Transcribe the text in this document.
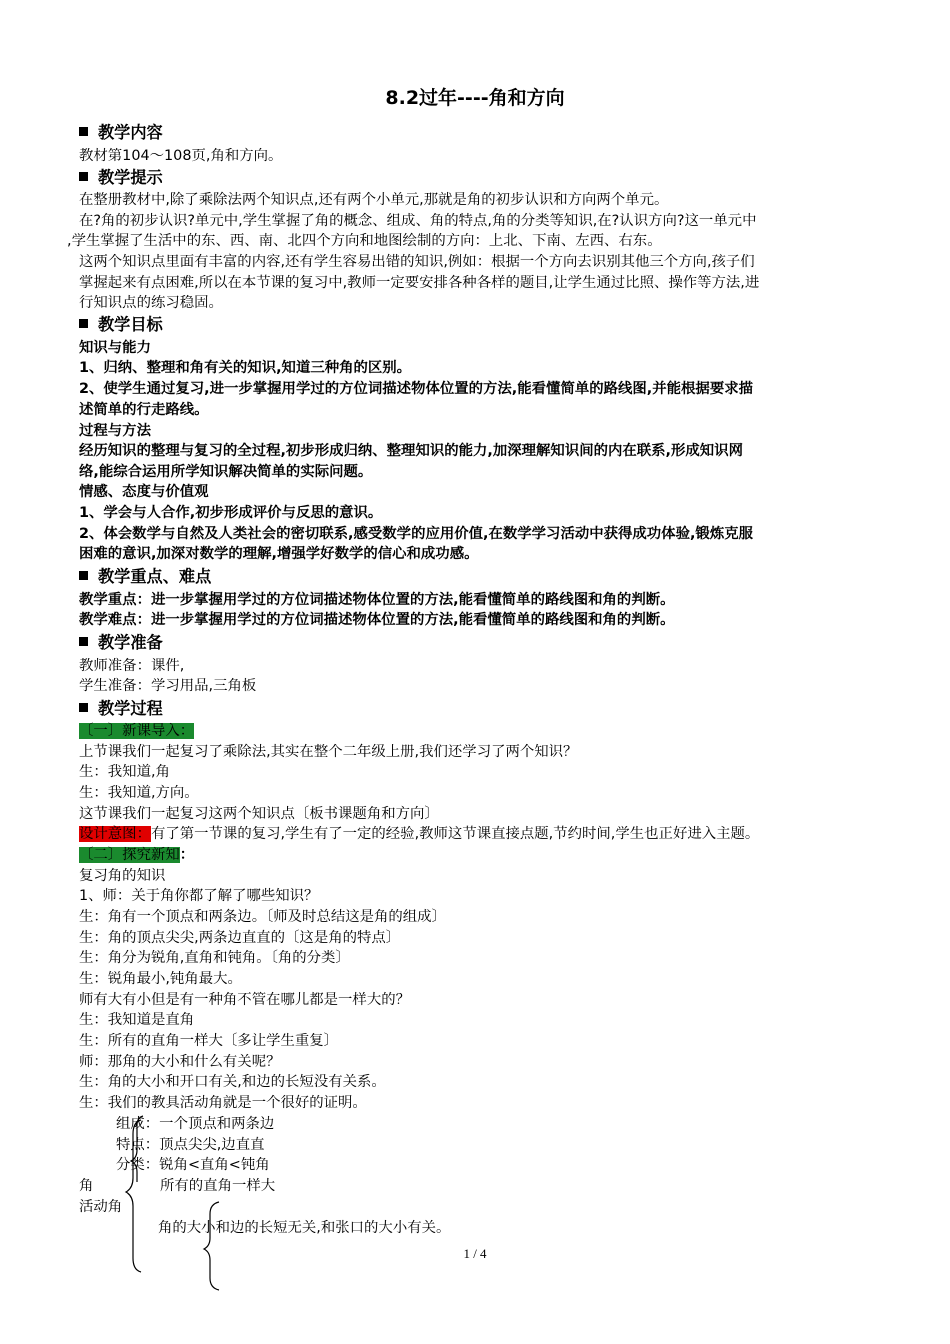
8.2过年----角和方向
教学内容
教材第104～108页,角和方向。
教学提示
在整册教材中,除了乘除法两个知识点,还有两个小单元,那就是角的初步认识和方向两个单元。
在?角的初步认识?单元中,学生掌握了角的概念、组成、角的特点,角的分类等知识,在?认识方向?这一单元中
,学生掌握了生活中的东、西、南、北四个方向和地图绘制的方向：上北、下南、左西、右东。
这两个知识点里面有丰富的内容,还有学生容易出错的知识,例如：根据一个方向去识别其他三个方向,孩子们
掌握起来有点困难,所以在本节课的复习中,教师一定要安排各种各样的题目,让学生通过比照、操作等方法,进
行知识点的练习稳固。
教学目标
知识与能力
1、归纳、整理和角有关的知识,知道三种角的区别。
2、使学生通过复习,进一步掌握用学过的方位词描述物体位置的方法,能看懂简单的路线图,并能根据要求描
述简单的行走路线。
过程与方法
经历知识的整理与复习的全过程,初步形成归纳、整理知识的能力,加深理解知识间的内在联系,形成知识网
络,能综合运用所学知识解决简单的实际问题。
情感、态度与价值观
1、学会与人合作,初步形成评价与反思的意识。
2、体会数学与自然及人类社会的密切联系,感受数学的应用价值,在数学学习活动中获得成功体验,锻炼克服
困难的意识,加深对数学的理解,增强学好数学的信心和成功感。
教学重点、难点
教学重点：进一步掌握用学过的方位词描述物体位置的方法,能看懂简单的路线图和角的判断。
教学难点：进一步掌握用学过的方位词描述物体位置的方法,能看懂简单的路线图和角的判断。
教学准备
教师准备：课件,
学生准备：学习用品,三角板
教学过程
〔一〕新课导入：
上节课我们一起复习了乘除法,其实在整个二年级上册,我们还学习了两个知识？
生：我知道,角
生：我知道,方向。
这节课我们一起复习这两个知识点〔板书课题角和方向〕
设计意图：有了第一节课的复习,学生有了一定的经验,教师这节课直接点题,节约时间,学生也正好进入主题。
〔二〕探究新知：
复习角的知识
1、师：关于角你都了解了哪些知识？
生：角有一个顶点和两条边。〔师及时总结这是角的组成〕
生：角的顶点尖尖,两条边直直的〔这是角的特点〕
生：角分为锐角,直角和钝角。〔角的分类〕
生：锐角最小,钝角最大。
师有大有小但是有一种角不管在哪儿都是一样大的？
生：我知道是直角
生：所有的直角一样大〔多让学生重复〕
师：那角的大小和什么有关呢？
生：角的大小和开口有关,和边的长短没有关系。
生：我们的教具活动角就是一个很好的证明。
组成：一个顶点和两条边
特点：顶点尖尖,边直直
分类：锐角<直角<钝角
角	所有的直角一样大
活动角
角的大小和边的长短无关,和张口的大小有关。
1 / 4
